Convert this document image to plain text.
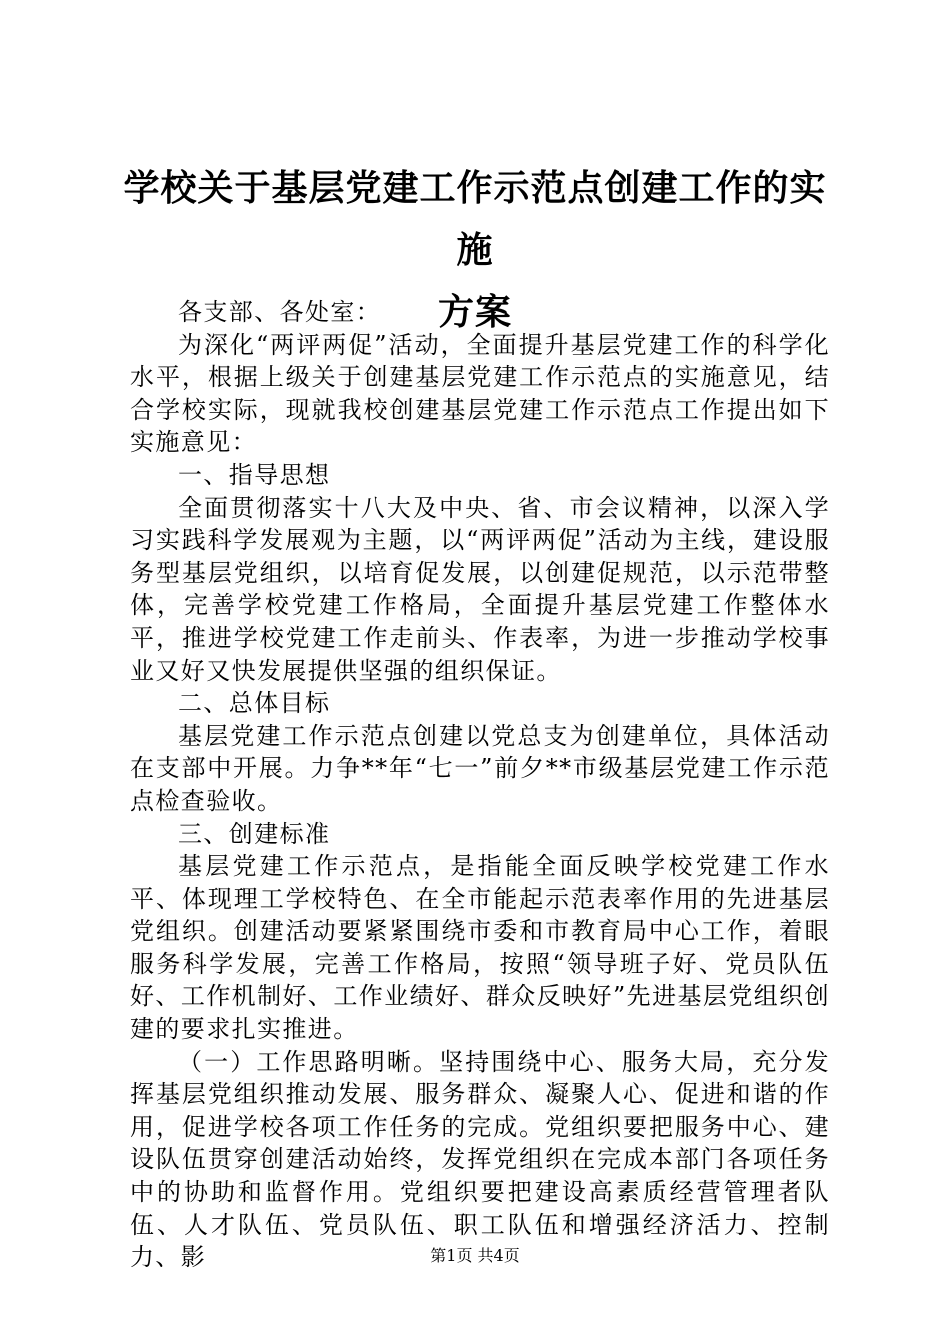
学校关于基层党建工作示范点创建工作的实施
方案

各支部、各处室：

为深化“两评两促”活动，全面提升基层党建工作的科学化水平，根据上级关于创建基层党建工作示范点的实施意见，结合学校实际，现就我校创建基层党建工作示范点工作提出如下实施意见：

一、指导思想

全面贯彻落实十八大及中央、省、市会议精神，以深入学习实践科学发展观为主题，以“两评两促”活动为主线，建设服务型基层党组织，以培育促发展，以创建促规范，以示范带整体，完善学校党建工作格局，全面提升基层党建工作整体水平，推进学校党建工作走前头、作表率，为进一步推动学校事业又好又快发展提供坚强的组织保证。

二、总体目标

基层党建工作示范点创建以党总支为创建单位，具体活动在支部中开展。力争**年“七一”前夕**市级基层党建工作示范点检查验收。

三、创建标准

基层党建工作示范点，是指能全面反映学校党建工作水平、体现理工学校特色、在全市能起示范表率作用的先进基层党组织。创建活动要紧紧围绕市委和市教育局中心工作，着眼服务科学发展，完善工作格局，按照“领导班子好、党员队伍好、工作机制好、工作业绩好、群众反映好”先进基层党组织创建的要求扎实推进。

（一）工作思路明晰。坚持围绕中心、服务大局，充分发挥基层党组织推动发展、服务群众、凝聚人心、促进和谐的作用，促进学校各项工作任务的完成。党组织要把服务中心、建设队伍贯穿创建活动始终，发挥党组织在完成本部门各项任务中的协助和监督作用。党组织要把建设高素质经营管理者队伍、人才队伍、党员队伍、职工队伍和增强经济活力、控制力、影	第1页 共4页
